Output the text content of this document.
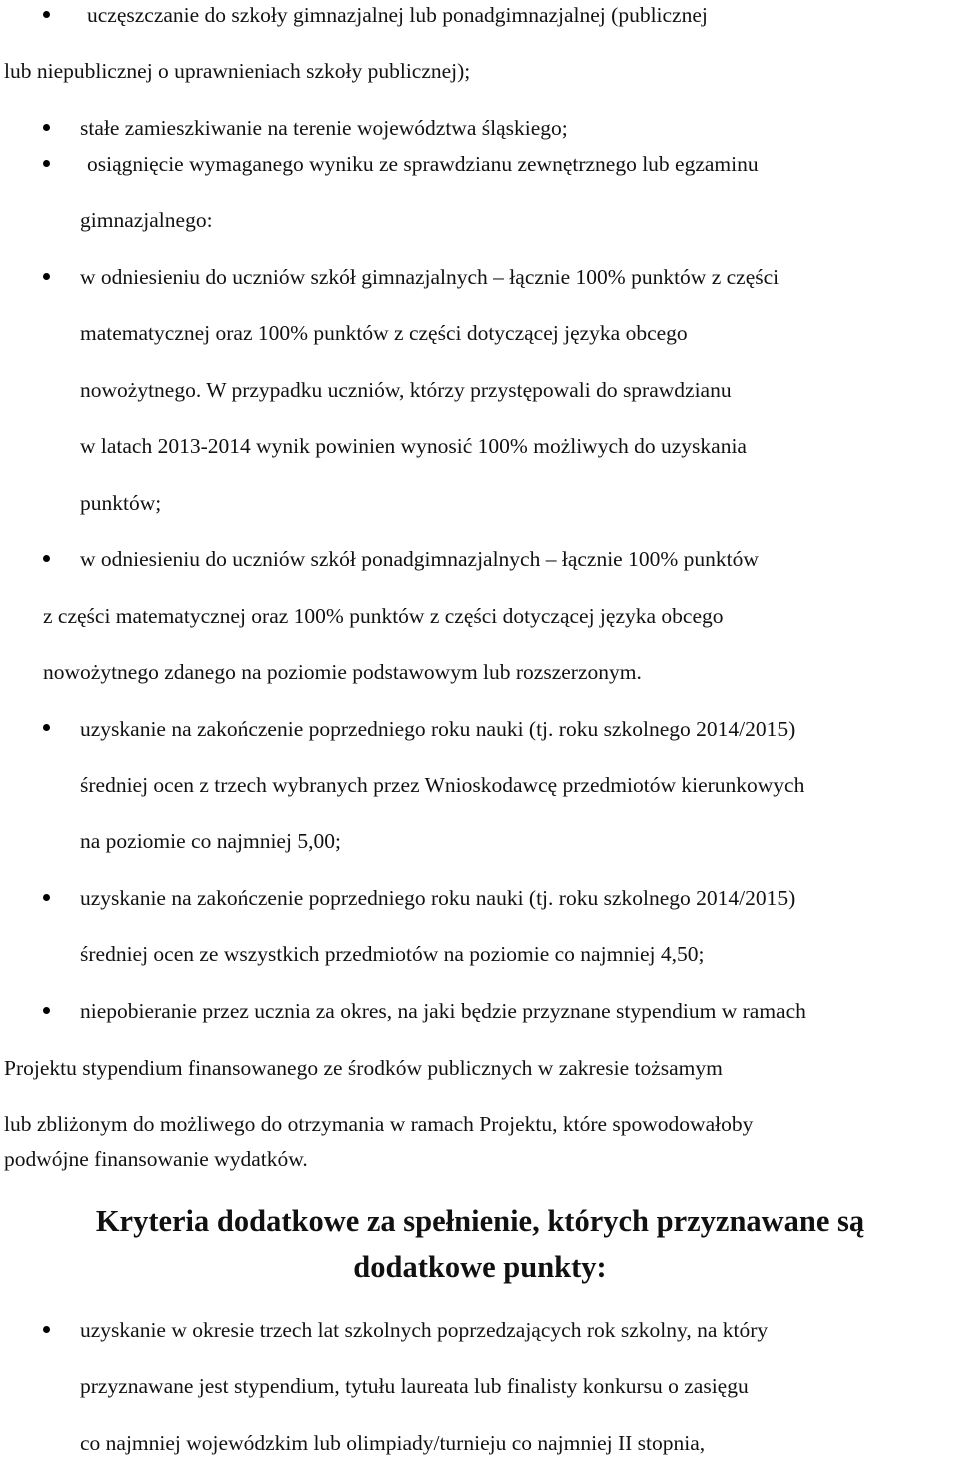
uczęszczanie do szkoły gimnazjalnej lub ponadgimnazjalnej (publicznej

lub niepublicznej o uprawnieniach szkoły publicznej);

stałe zamieszkiwanie na terenie województwa śląskiego;

osiągnięcie wymaganego wyniku ze sprawdzianu zewnętrznego lub egzaminu

gimnazjalnego:

w odniesieniu do uczniów szkół gimnazjalnych – łącznie 100% punktów z części

matematycznej oraz 100% punktów z części dotyczącej języka obcego

nowożytnego. W przypadku uczniów, którzy przystępowali do sprawdzianu

w latach 2013-2014 wynik powinien wynosić 100% możliwych do uzyskania

punktów;

w odniesieniu do uczniów szkół ponadgimnazjalnych – łącznie 100% punktów

z części matematycznej oraz 100% punktów z części dotyczącej języka obcego

nowożytnego zdanego na poziomie podstawowym lub rozszerzonym.

uzyskanie na zakończenie poprzedniego roku nauki (tj. roku szkolnego 2014/2015)

średniej ocen z trzech wybranych przez Wnioskodawcę przedmiotów kierunkowych

na poziomie co najmniej 5,00;

uzyskanie na zakończenie poprzedniego roku nauki (tj. roku szkolnego 2014/2015)

średniej ocen ze wszystkich przedmiotów na poziomie co najmniej 4,50;

niepobieranie przez ucznia za okres, na jaki będzie przyznane stypendium w ramach

Projektu stypendium finansowanego ze środków publicznych w zakresie tożsamym

lub zbliżonym do możliwego do otrzymania w ramach Projektu, które spowodowałoby

podwójne finansowanie wydatków.

Kryteria dodatkowe za spełnienie, których przyznawane są

dodatkowe punkty:

uzyskanie w okresie trzech lat szkolnych poprzedzających rok szkolny, na który

przyznawane jest stypendium, tytułu laureata lub finalisty konkursu o zasięgu

co najmniej wojewódzkim lub olimpiady/turnieju co najmniej II stopnia,
